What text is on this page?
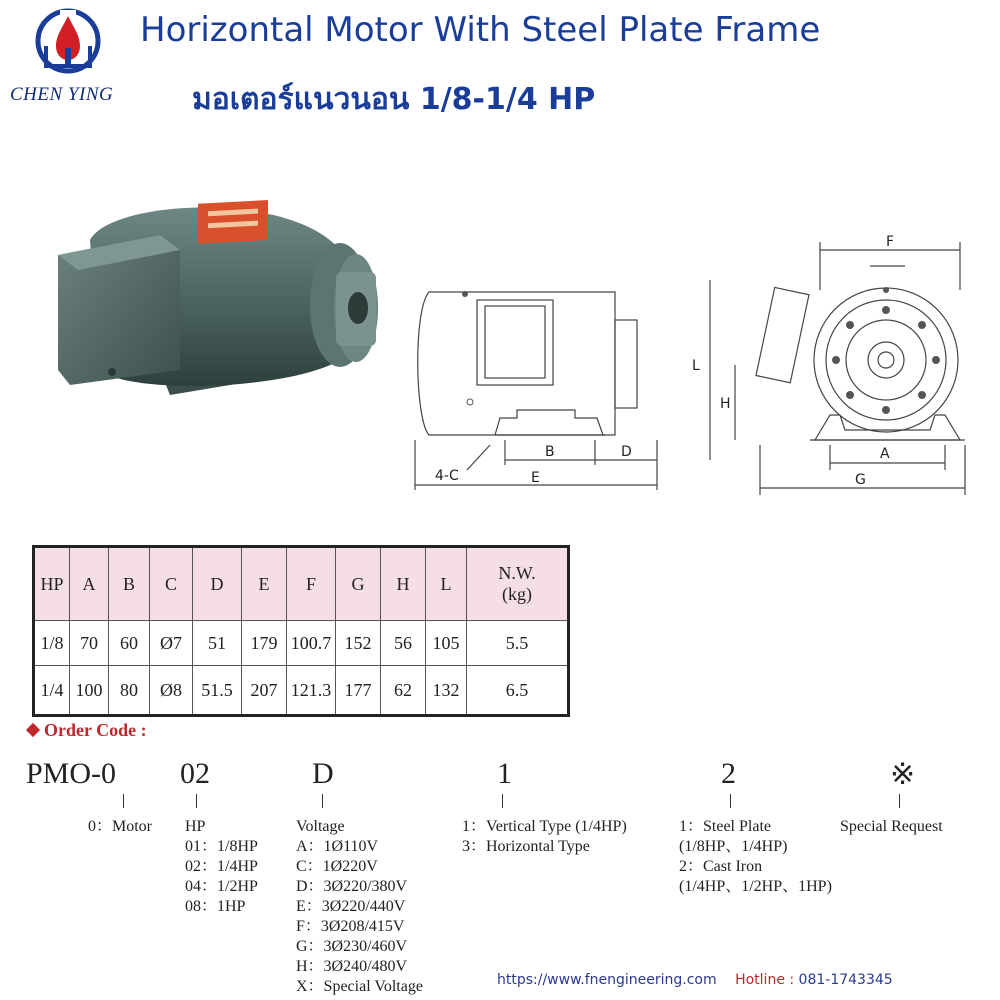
CHEN YING
Horizontal Motor With Steel Plate Frame
มอเตอร์แนวนอน 1/8-1/4 HP
B	D
E
4-C
F
L
H
A
G
HP	A	B	C	D	E	F	G	H	L	N.W.
(kg)
1/8	70	60	Ø7	51	179	100.7	152	56	105	5.5
1/4	100	80	Ø8	51.5	207	121.3	177	62	132	6.5
Order Code :
PMO-0 02	D	1	2	※
0：Motor HP
01：1/8HP
02：1/4HP
04：1/2HP
08：1HP
Voltage
A：1Ø110V
C：1Ø220V
D：3Ø220/380V
E：3Ø220/440V
F：3Ø208/415V
G：3Ø230/460V
H：3Ø240/480V
X：Special Voltage
1：Vertical Type (1/4HP)
3：Horizontal Type
1：Steel Plate
(1/8HP、1/4HP)
2：Cast Iron
(1/4HP、1/2HP、1HP)
Special Request
https://www.fnengineering.com Hotline : 081-1743345
